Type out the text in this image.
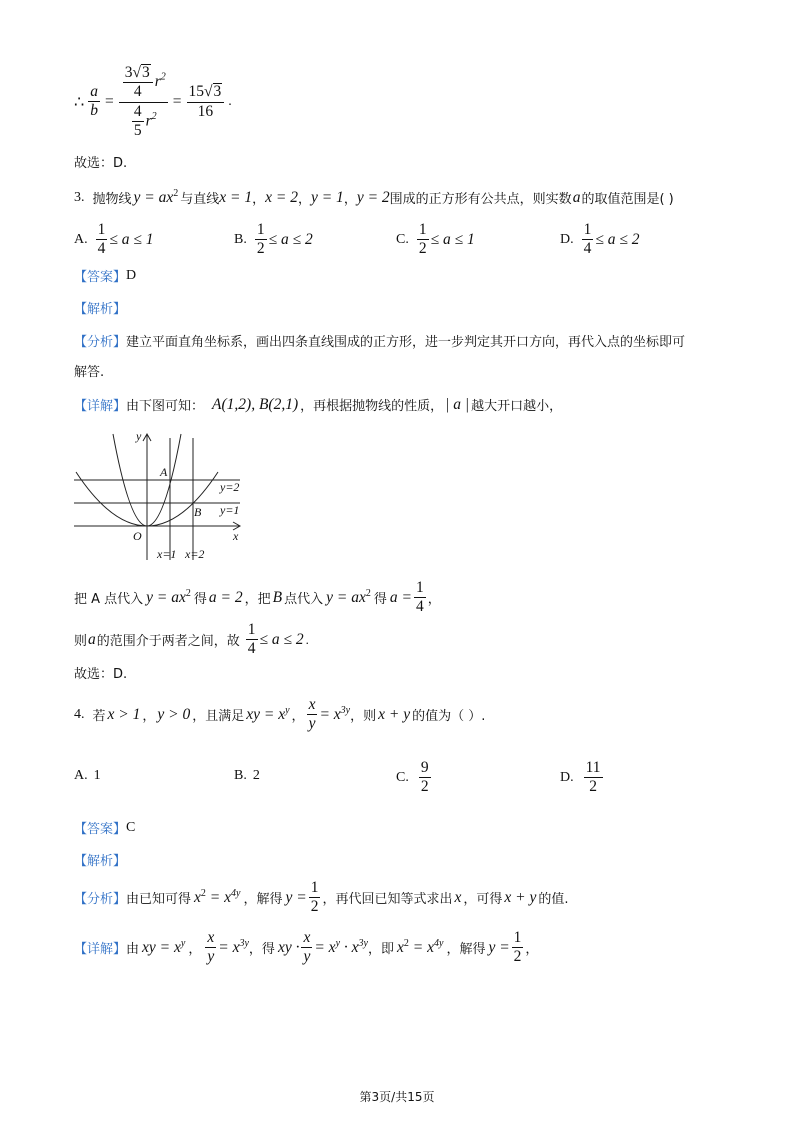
∴ $\frac{a}{b} = \frac{\frac{3√3}{4} r^2}{\frac{4}{5} r^2} = \frac{15√3}{16}$ .
故选：D.
3. 抛物线 $y = ax^2$ 与直线 x = 1 ， x = 2 ， y = 1 ， y = 2 围成的正方形有公共点，则实数 a 的取值范围是( )
A. $\frac{1}{4} \le a \le 1$	B. $\frac{1}{2} \le a \le 2$	C. $\frac{1}{2} \le a \le 1$	D. $\frac{1}{4} \le a \le 2$
【答案】 D
【解析】
【分析】 建立平面直角坐标系，画出四条直线围成的正方形，进一步判定其开口方向，再代入点的坐标即可
解答.
【详解】 由下图可知： A(1,2), B(2,1) ，再根据抛物线的性质， | a | 越大开口越小，
y
x
O
A
B
y=2
y=1
x=1 x=2
把 A 点代入 $y = ax^2$ 得 a = 2 ，把 B 点代入 $y = ax^2$ 得 $a = \frac{1}{4}$ ，
则 a 的范围介于两者之间，故 $\frac{1}{4} \le a \le 2$ .
故选：D.
4. 若 x > 1 ， y > 0 ，且满足 xy = $x^y$ ， $\frac{x}{y} = x^{3y}$ ，则 x + y 的值为（ ）.
A. 1	B. 2	C. $\frac{9}{2}$	D. $\frac{11}{2}$
【答案】 C
【解析】
【分析】 由已知可得 $x^2 = x^{4y}$ ，解得 $y = \frac{1}{2}$ ，再代回已知等式求出 x ，可得 x + y 的值.
【详解】 由 xy = $x^y$ ， $\frac{x}{y} = x^{3y}$ ，得 xy · $\frac{x}{y} = x^y \cdot x^{3y}$ ，即 $x^2 = x^{4y}$ ，解得 $y = \frac{1}{2}$ ，
第3页/共15页
